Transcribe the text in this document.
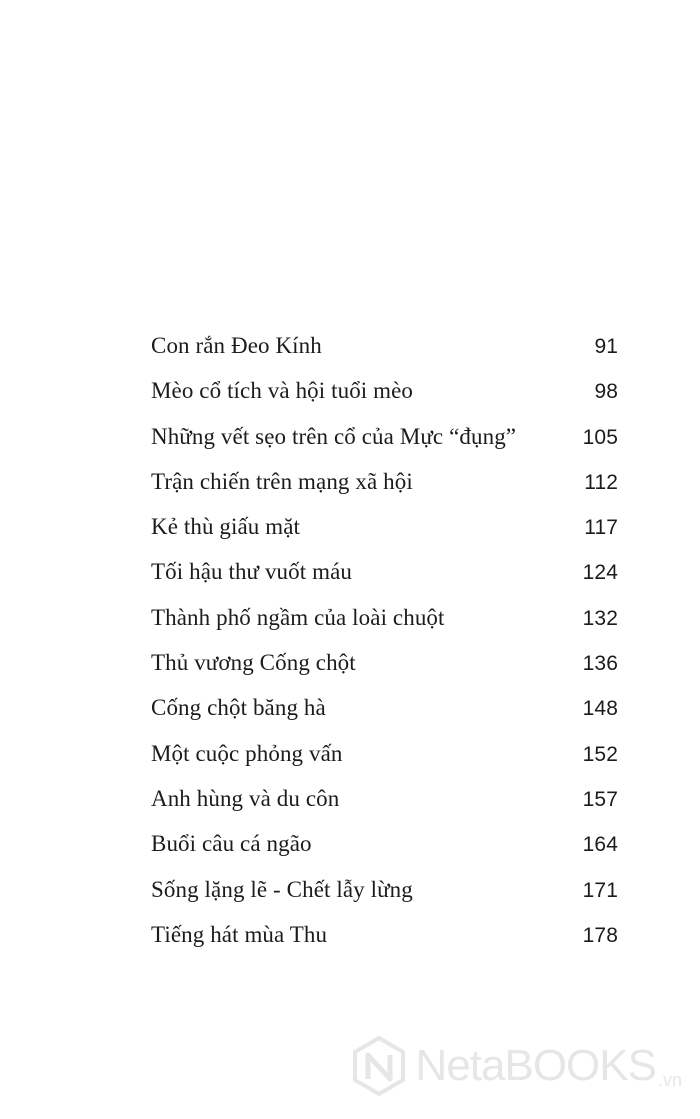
Con rắn Đeo Kính	91
Mèo cổ tích và hội tuổi mèo	98
Những vết sẹo trên cổ của Mực “đụng”	105
Trận chiến trên mạng xã hội	112
Kẻ thù giấu mặt	117
Tối hậu thư vuốt máu	124
Thành phố ngầm của loài chuột	132
Thủ vương Cống chột	136
Cống chột băng hà	148
Một cuộc phỏng vấn	152
Anh hùng và du côn	157
Buổi câu cá ngão	164
Sống lặng lẽ - Chết lẫy lừng	171
Tiếng hát mùa Thu	178
NetaBOOKS .vn
